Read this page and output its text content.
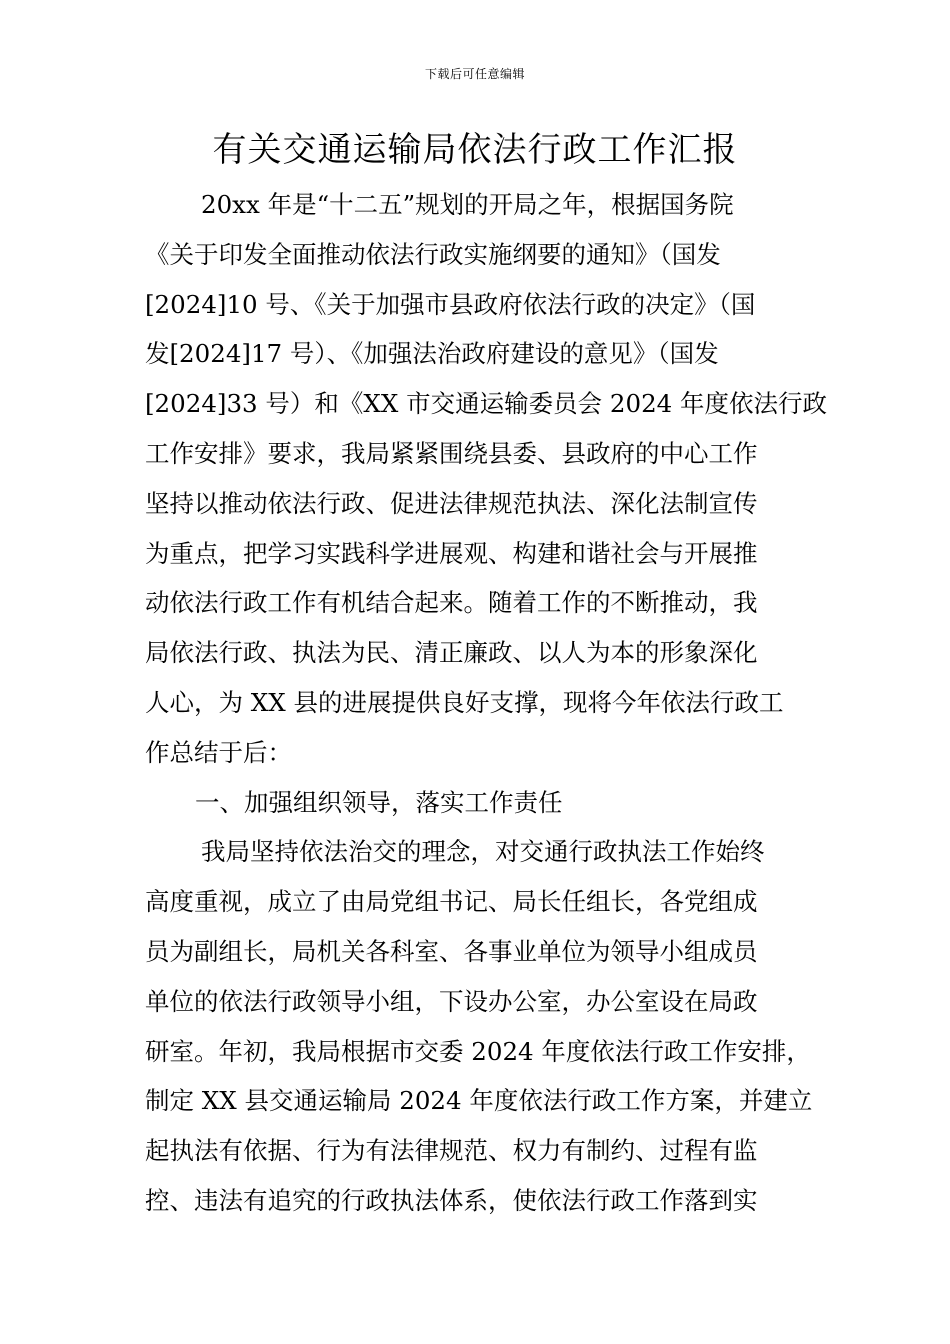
下载后可任意编辑
有关交通运输局依法行政工作汇报
20xx 年是“十二五”规划的开局之年，根据国务院
《关于印发全面推动依法行政实施纲要的通知》（国发
[2024]10 号、《关于加强市县政府依法行政的决定》（国
发[2024]17 号）、《加强法治政府建设的意见》（国发
[2024]33 号）和《XX 市交通运输委员会 2024 年度依法行政
工作安排》要求，我局紧紧围绕县委、县政府的中心工作
坚持以推动依法行政、促进法律规范执法、深化法制宣传
为重点，把学习实践科学进展观、构建和谐社会与开展推
动依法行政工作有机结合起来。随着工作的不断推动，我
局依法行政、执法为民、清正廉政、以人为本的形象深化
人心，为 XX 县的进展提供良好支撑，现将今年依法行政工
作总结于后：
一、加强组织领导，落实工作责任
我局坚持依法治交的理念，对交通行政执法工作始终
高度重视，成立了由局党组书记、局长任组长，各党组成
员为副组长，局机关各科室、各事业单位为领导小组成员
单位的依法行政领导小组，下设办公室，办公室设在局政
研室。年初，我局根据市交委 2024 年度依法行政工作安排，
制定 XX 县交通运输局 2024 年度依法行政工作方案，并建立
起执法有依据、行为有法律规范、权力有制约、过程有监
控、违法有追究的行政执法体系，使依法行政工作落到实
